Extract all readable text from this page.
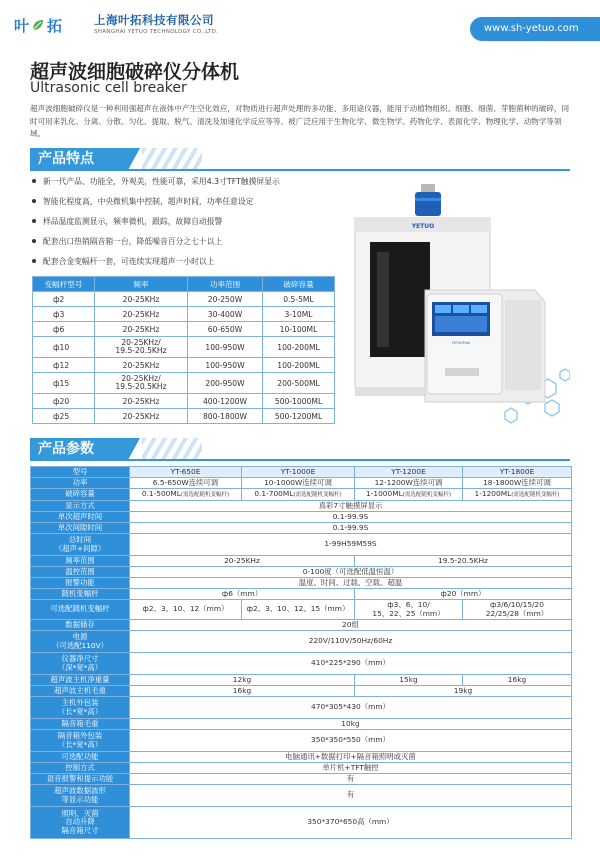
叶 拓	上海叶拓科技有限公司
SHANGHAI YETUO TECHNOLOGY CO.,LTD.	www.sh-yetuo.com
超声波细胞破碎仪分体机
Ultrasonic cell breaker
超声波细胞破碎仪是一种利用强超声在液体中产生空化效应，对物质进行超声处理的多功能、多用途仪器，能用于动植物组织、细胞、细菌、芽胞菌种的破碎，同时可用来乳化、分离、分散、匀化、提取、脱气、清洗及加速化学反应等等。被广泛应用于生物化学、微生物学、药物化学、表面化学、物理化学、动物学等领域。
产品特点
新一代产品、功能全，外观美，性能可靠，采用4.3寸TFT触摸屏显示
智能化程度高，中央微机集中控制，超声时间，功率任意设定
样品温度监测显示，频率微机，跟踪，故障自动报警
配套出口热销隔音箱一台，降低噪音百分之七十以上
配套合金变幅杆一套，可连续实现超声一小时以上
变幅杆型号	频率	功率范围	破碎容量
ф2	20-25KHz	20-250W	0.5-5ML
ф3	20-25KHz	30-400W	3-10ML
ф6	20-25KHz	60-650W	10-100ML
ф10	20-25KHz/
19.5-20.5KHz	100-950W	100-200ML
ф12	20-25KHz	100-950W	100-200ML
ф15	20-25KHz/
19.5-20.5KHz	200-950W	200-500ML
ф20	20-25KHz	400-1200W	500-1000ML
ф25	20-25KHz	800-1800W	500-1200ML
YETUO
YETUOPUAI
产品参数
型号	YT-650E	YT-1000E	YT-1200E	YT-1800E
功率	6.5-650W连续可调	10-1000W连续可调	12-1200W连续可调	18-1800W连续可调
破碎容量	0.1-500ML(需选配随机变幅杆)	0.1-700ML(需选配随机变幅杆)	1-1000ML(需选配随机变幅杆)	1-1200ML(需选配随机变幅杆)
显示方式	真彩7寸触摸屏显示			
单次超声时间	0.1-99.9S			
单次间隙时间	0.1-99.9S			
总时间
（超声+间隙）	1-99H59M59S			
频率范围	20-25KHz		19.5-20.5KHz	
温控范围	0-100度（可选配低温恒温）			
报警功能	温度、时间、过载、空载、超温			
随机变幅杆	ф6（mm）		ф20（mm）	
可选配随机变幅杆	ф2、3、10、12（mm）	ф2、3、10、12、15（mm）	ф3、6、10/
15、22、25（mm）	ф3/6/10/15/20
22/25/28（mm）
数据储存	20组			
电源
（可选配110V）	220V/110V/50Hz/60Hz			
仪器净尺寸
（深*宽*高）	410*225*290（mm）			
超声波主机净重量	12kg		15kg	16kg
超声波主机毛重	16kg		19kg	
主机外包装
（长*宽*高）	470*305*430（mm）			
隔音箱毛重	10kg			
隔音箱外包装
（长*宽*高）	350*350*550（mm）			
可选配功能	电脑通讯+数据打印+隔音箱照明或灭菌			
控制方式	单片机+TFT触控			
语音报警和提示功能	有			
超声波数据波形
等显示功能	有			
照明、灭菌
自动升降
隔音箱尺寸	350*370*650高（mm）			
